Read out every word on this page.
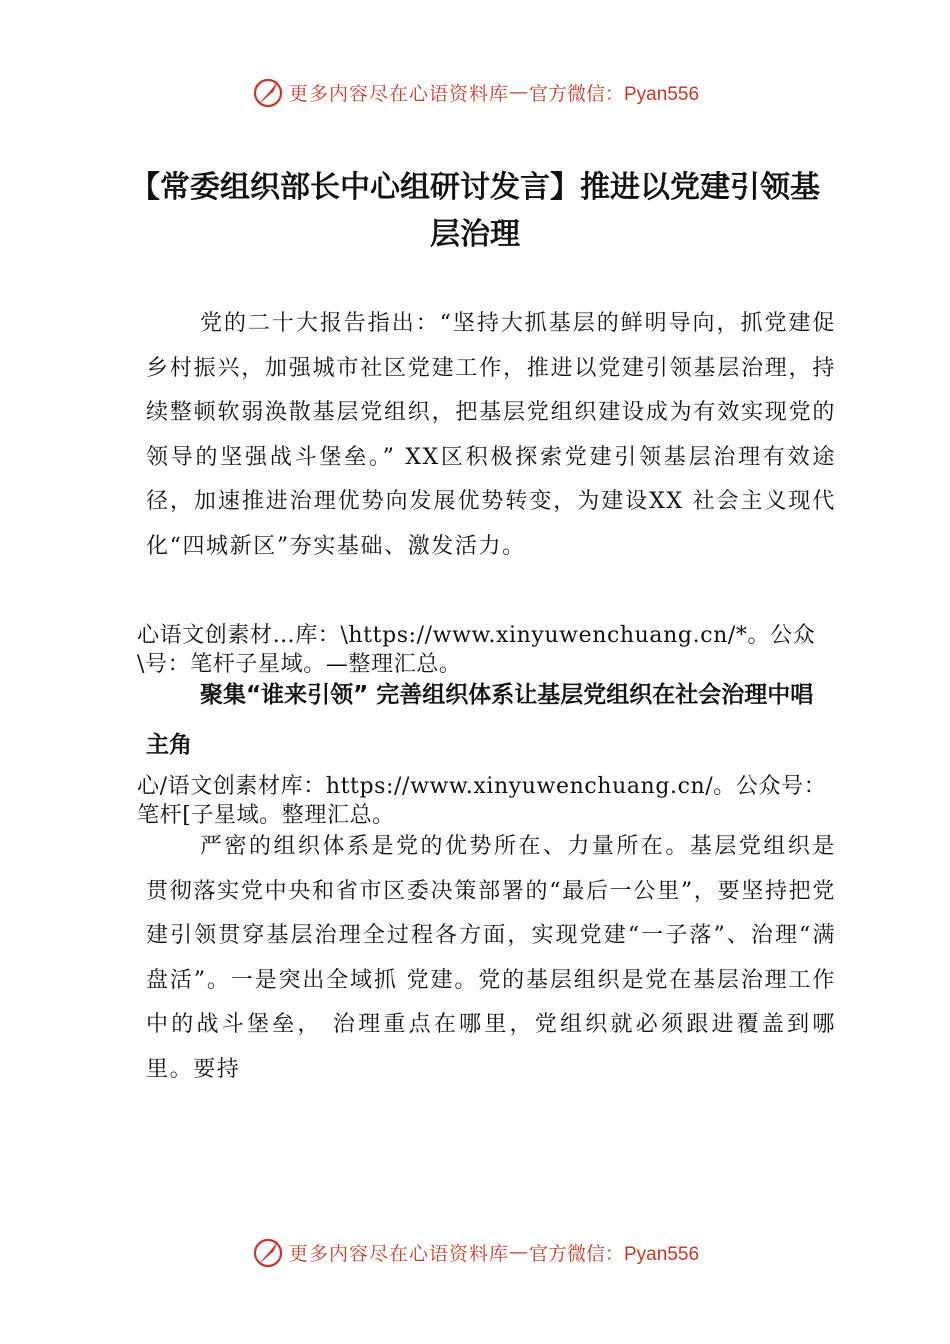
更多内容尽在心语资料库 — 官方微信：Pyan556
【常委组织部长中心组研讨发言】推进以党建引领基层治理

党的二十大报告指出：“坚持大抓基层的鲜明导向，抓党建促乡村振兴，加强城市社区党建工作，推进以党建引领基层治理，持续整顿软弱涣散基层党组织，把基层党组织建设成为有效实现党的领导的坚强战斗堡垒。” XX区积极探索党建引领基层治理有效途径，加速推进治理优势向发展优势转变，为建设XX 社会主义现代化“四城新区”夯实基础、激发活力。

心语文创素材…库：\https://www.xinyuwenchuang.cn/*。公众\号：笔杆子星域。—整理汇总。

聚集“谁来引领” 完善组织体系让基层党组织在社会治理中唱主角

心/语文创素材库：https://www.xinyuwenchuang.cn/。公众号：笔杆[子星域。整理汇总。

严密的组织体系是党的优势所在、力量所在。基层党组织是贯彻落实党中央和省市区委决策部署的“最后一公里”，要坚持把党建引领贯穿基层治理全过程各方面，实现党建“一子落”、治理“满盘活”。一是突出全域抓 党建。党的基层组织是党在基层治理工作中的战斗堡垒， 治理重点在哪里，党组织就必须跟进覆盖到哪里。要持

更多内容尽在心语资料库 — 官方微信：Pyan556
